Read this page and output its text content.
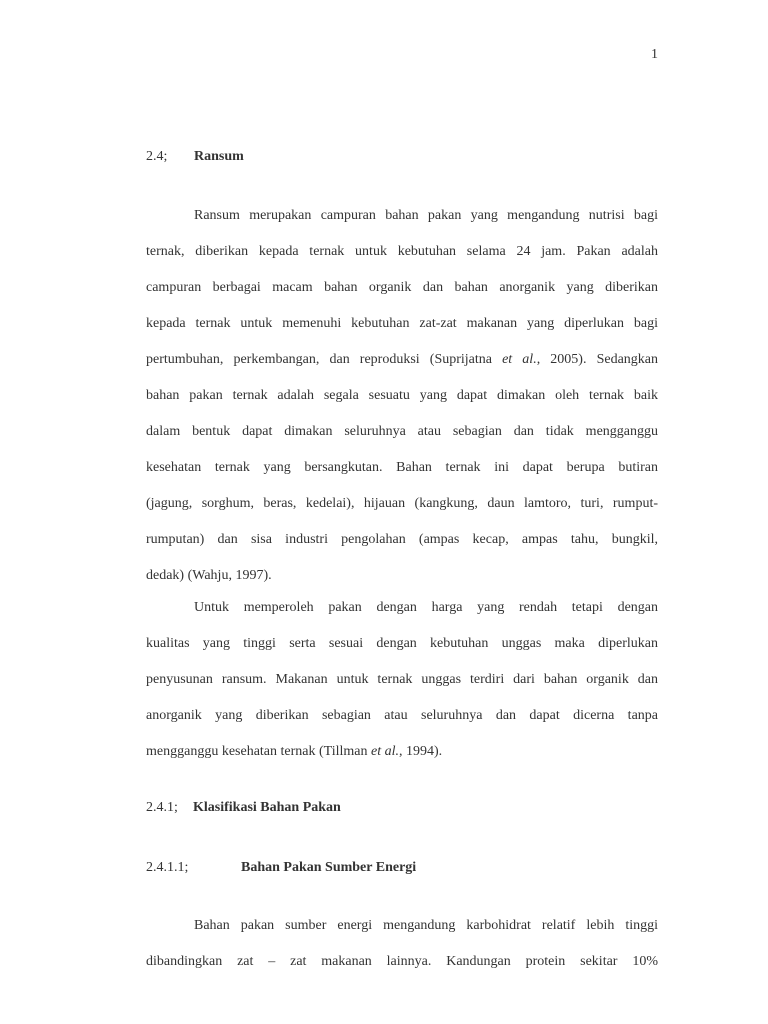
1
2.4; Ransum
Ransum merupakan campuran bahan pakan yang mengandung nutrisi bagi
ternak, diberikan kepada ternak untuk kebutuhan selama 24 jam. Pakan adalah
campuran berbagai macam bahan organik dan bahan anorganik yang diberikan
kepada ternak untuk memenuhi kebutuhan zat-zat makanan yang diperlukan bagi
pertumbuhan, perkembangan, dan reproduksi (Suprijatna et al., 2005). Sedangkan
bahan pakan ternak adalah segala sesuatu yang dapat dimakan oleh ternak baik
dalam bentuk dapat dimakan seluruhnya atau sebagian dan tidak mengganggu
kesehatan ternak yang bersangkutan. Bahan ternak ini dapat berupa butiran
(jagung, sorghum, beras, kedelai), hijauan (kangkung, daun lamtoro, turi, rumput-
rumputan) dan sisa industri pengolahan (ampas kecap, ampas tahu, bungkil,
dedak) (Wahju, 1997).
Untuk memperoleh pakan dengan harga yang rendah tetapi dengan
kualitas yang tinggi serta sesuai dengan kebutuhan unggas maka diperlukan
penyusunan ransum. Makanan untuk ternak unggas terdiri dari bahan organik dan
anorganik yang diberikan sebagian atau seluruhnya dan dapat dicerna tanpa
mengganggu kesehatan ternak (Tillman et al., 1994).
2.4.1; Klasifikasi Bahan Pakan
2.4.1.1;	Bahan Pakan Sumber Energi
Bahan pakan sumber energi mengandung karbohidrat relatif lebih tinggi
dibandingkan zat – zat makanan lainnya. Kandungan protein sekitar 10%
